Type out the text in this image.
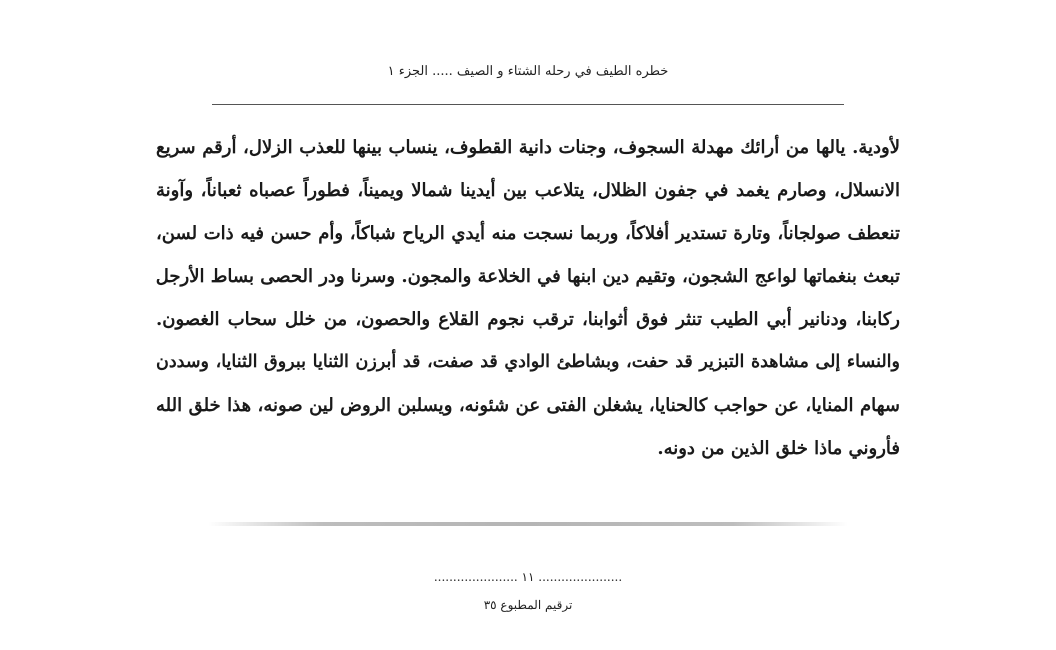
خطره الطيف في رحله الشتاء و الصيف ..... الجزء ١
لأودية. يالها من أرائك مهدلة السجوف، وجنات دانية القطوف، ينساب بينها للعذب الزلال، أرقم سريع
الانسلال، وصارم يغمد في جفون الظلال، يتلاعب بين أيدينا شمالا ويميناً، فطوراً عصباه ثعباناً، وآونة
تنعطف صولجاناً، وتارة تستدير أفلاكاً، وربما نسجت منه أيدي الرياح شباكاً، وأم حسن فيه ذات لسن،
تبعث بنغماتها لواعج الشجون، وتقيم دين ابنها في الخلاعة والمجون. وسرنا ودر الحصى بساط الأرجل
ركابنا، ودنانير أبي الطيب تنثر فوق أثوابنا، ترقب نجوم القلاع والحصون، من خلل سحاب الغصون.
والنساء إلى مشاهدة التبزير قد حفت، وبشاطئ الوادي قد صفت، قد أبرزن الثنايا ببروق الثنايا، وسددن
سهام المنايا، عن حواجب كالحنايا، يشغلن الفتى عن شئونه، ويسلبن الروض لين صونه، هذا خلق الله
فأروني ماذا خلق الذين من دونه.
...................... ١١ ......................
ترقيم المطبوع ٣٥
